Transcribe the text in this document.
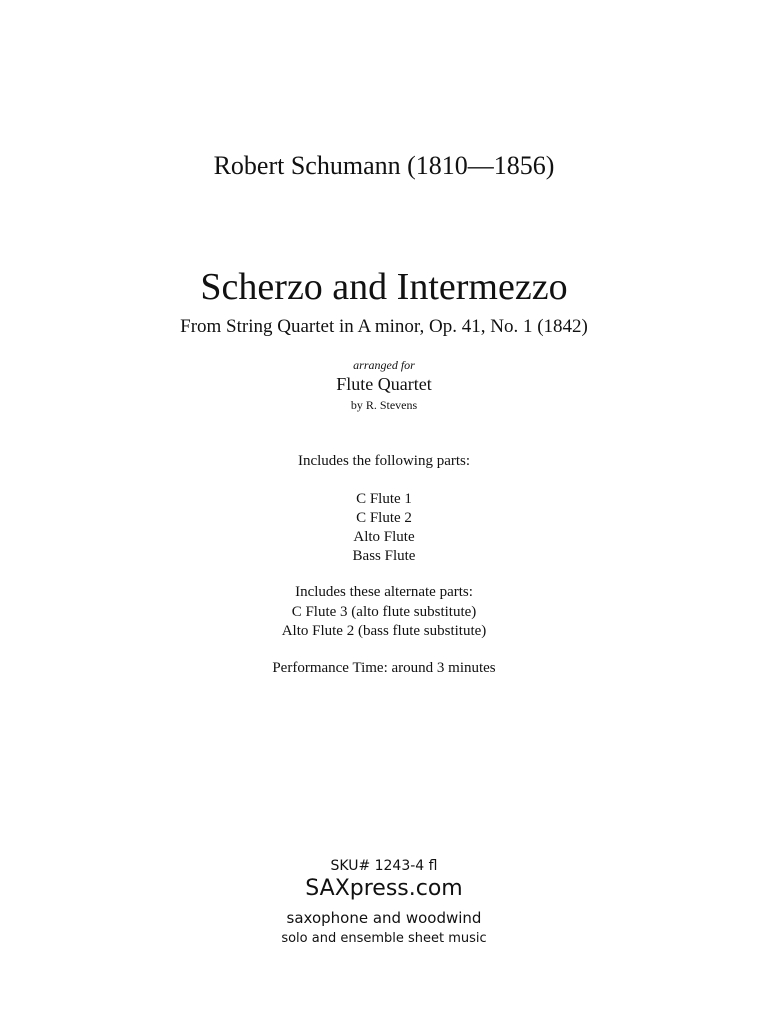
Robert Schumann (1810—1856)

Scherzo and Intermezzo

From String Quartet in A minor, Op. 41, No. 1 (1842)

arranged for

Flute Quartet

by R. Stevens

Includes the following parts:

C Flute 1
C Flute 2
Alto Flute
Bass Flute

Includes these alternate parts:

C Flute 3 (alto flute substitute)
Alto Flute 2 (bass flute substitute)

Performance Time: around 3 minutes

SKU# 1243-4 fl

SAXpress.com

saxophone and woodwind

solo and ensemble sheet music
